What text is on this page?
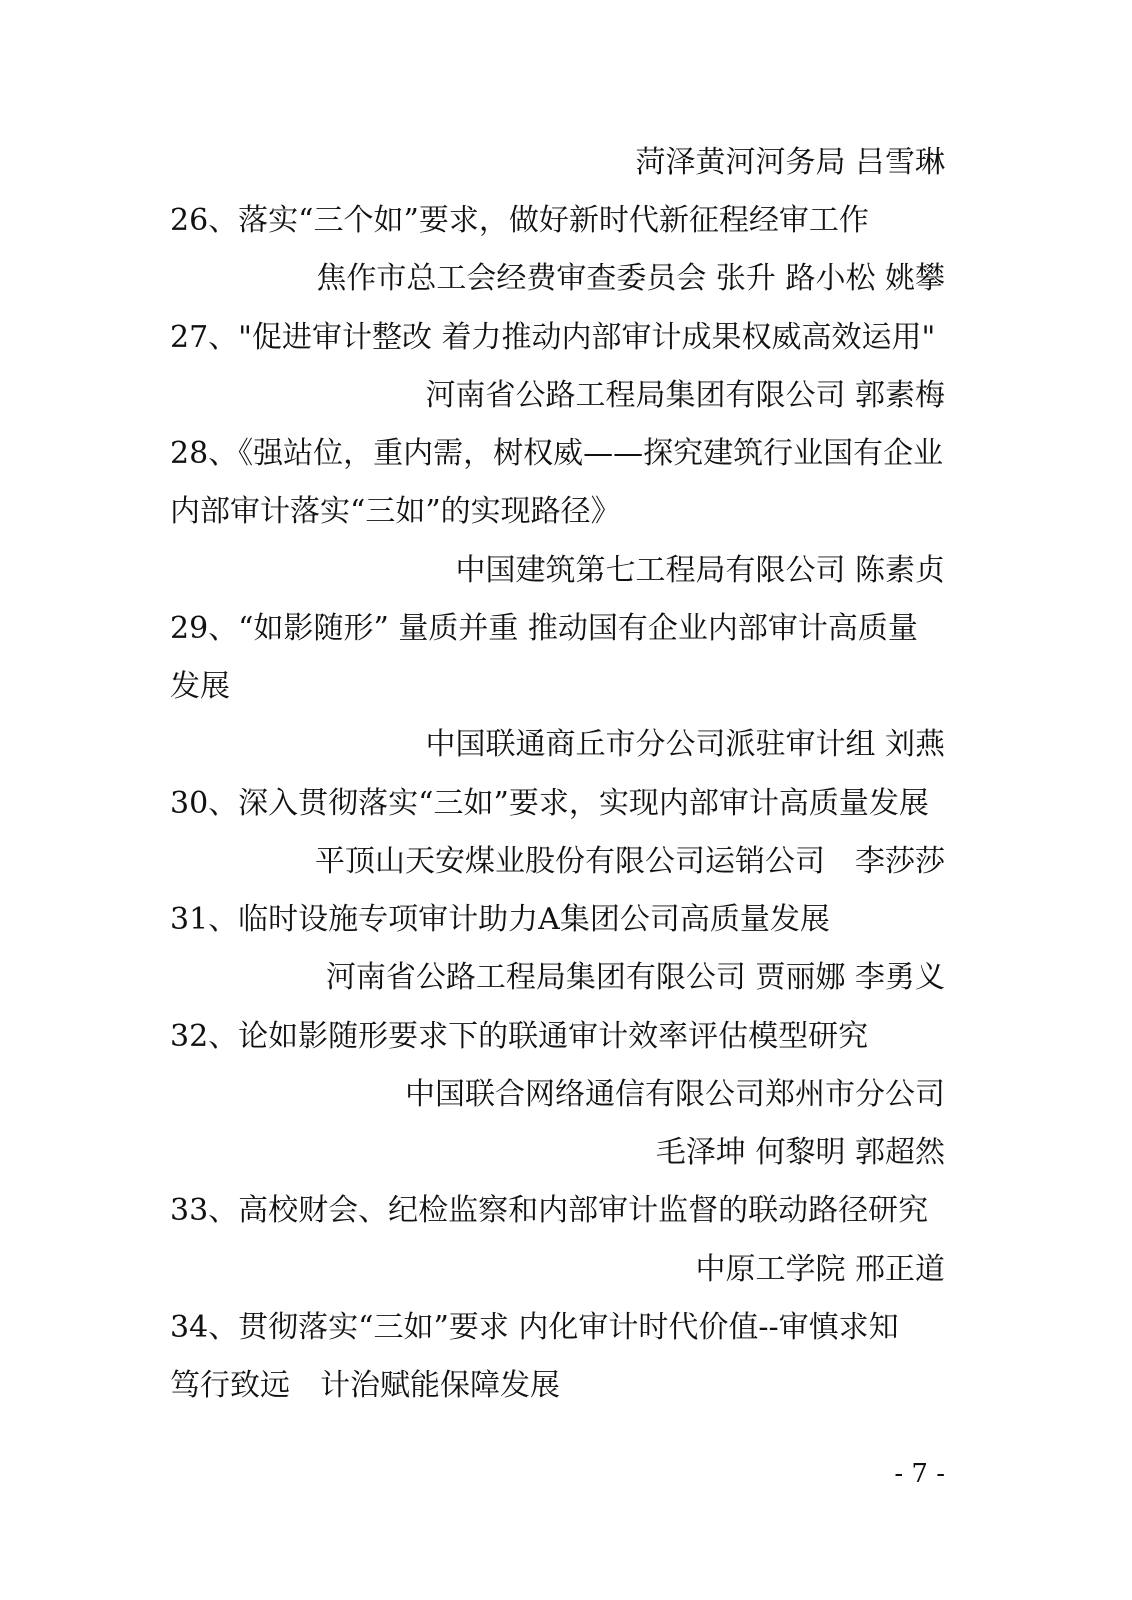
菏泽黄河河务局 吕雪琳
26、落实“三个如”要求，做好新时代新征程经审工作
焦作市总工会经费审查委员会 张升 路小松 姚攀
27、"促进审计整改 着力推动内部审计成果权威高效运用"
河南省公路工程局集团有限公司 郭素梅
28、《强站位，重内需，树权威——探究建筑行业国有企业
内部审计落实“三如”的实现路径》
中国建筑第七工程局有限公司 陈素贞
29、“如影随形” 量质并重 推动国有企业内部审计高质量
发展
中国联通商丘市分公司派驻审计组 刘燕
30、深入贯彻落实“三如”要求，实现内部审计高质量发展
平顶山天安煤业股份有限公司运销公司　李莎莎
31、临时设施专项审计助力A集团公司高质量发展
河南省公路工程局集团有限公司 贾丽娜 李勇义
32、论如影随形要求下的联通审计效率评估模型研究
中国联合网络通信有限公司郑州市分公司
毛泽坤 何黎明 郭超然
33、高校财会、纪检监察和内部审计监督的联动路径研究
中原工学院 邢正道
34、贯彻落实“三如”要求 内化审计时代价值--审慎求知
笃行致远　计治赋能保障发展
- 7 -
